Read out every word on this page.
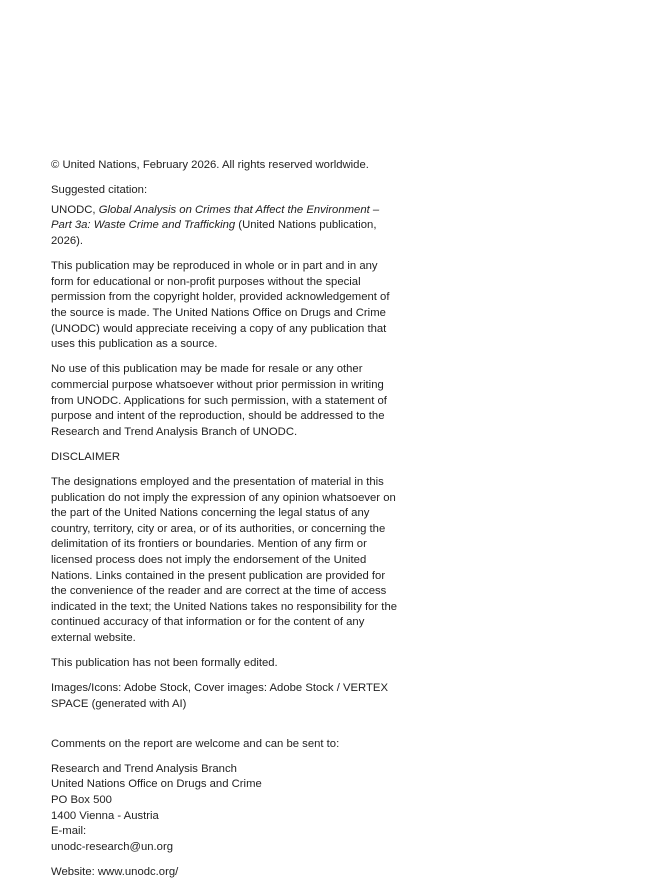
© United Nations, February 2026. All rights reserved worldwide.

Suggested citation:

UNODC, Global Analysis on Crimes that Affect the Environment – Part 3a: Waste Crime and Trafficking (United Nations publication, 2026).

This publication may be reproduced in whole or in part and in any form for educational or non-profit purposes without the special permission from the copyright holder, provided acknowledgement of the source is made. The United Nations Office on Drugs and Crime (UNODC) would appreciate receiving a copy of any publication that uses this publication as a source.

No use of this publication may be made for resale or any other commercial purpose whatsoever without prior permission in writing from UNODC. Applications for such permission, with a statement of purpose and intent of the reproduction, should be addressed to the Research and Trend Analysis Branch of UNODC.

DISCLAIMER

The designations employed and the presentation of material in this publication do not imply the expression of any opinion whatsoever on the part of the United Nations concerning the legal status of any country, territory, city or area, or of its authorities, or concerning the delimitation of its frontiers or boundaries. Mention of any firm or licensed process does not imply the endorsement of the United Nations. Links contained in the present publication are provided for the convenience of the reader and are correct at the time of access indicated in the text; the United Nations takes no responsibility for the continued accuracy of that information or for the content of any external website.

This publication has not been formally edited.

Images/Icons: Adobe Stock, Cover images: Adobe Stock / VERTEX SPACE (generated with AI)

Comments on the report are welcome and can be sent to:

Research and Trend Analysis Branch
United Nations Office on Drugs and Crime
PO Box 500
1400 Vienna - Austria
E-mail:
unodc-research@un.org

Website: www.unodc.org/
